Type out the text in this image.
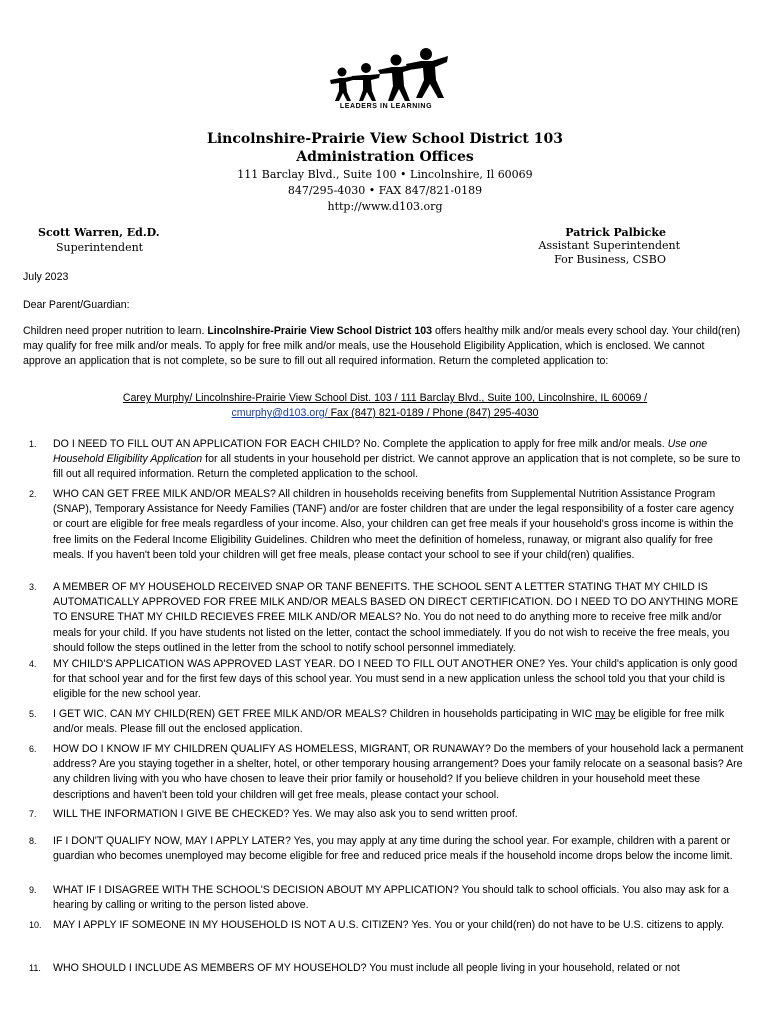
LEADERS IN LEARNING
Lincolnshire-Prairie View School District 103
Administration Offices
111 Barclay Blvd., Suite 100 • Lincolnshire, Il 60069
847/295-4030 • FAX 847/821-0189
http://www.d103.org
Scott Warren, Ed.D.
Superintendent
Patrick Palbicke
Assistant Superintendent
For Business, CSBO
July 2023
Dear Parent/Guardian:
Children need proper nutrition to learn. Lincolnshire-Prairie View School District 103 offers healthy milk and/or meals every school day. Your child(ren) may qualify for free milk and/or meals. To apply for free milk and/or meals, use the Household Eligibility Application, which is enclosed. We cannot approve an application that is not complete, so be sure to fill out all required information. Return the completed application to:
Carey Murphy/ Lincolnshire-Prairie View School Dist. 103 / 111 Barclay Blvd., Suite 100, Lincolnshire, IL 60069 /
cmurphy@d103.org/ Fax (847) 821-0189 / Phone (847) 295-4030
1. DO I NEED TO FILL OUT AN APPLICATION FOR EACH CHILD? No. Complete the application to apply for free milk and/or meals. Use one Household Eligibility Application for all students in your household per district. We cannot approve an application that is not complete, so be sure to fill out all required information. Return the completed application to the school.
2. WHO CAN GET FREE MILK AND/OR MEALS? All children in households receiving benefits from Supplemental Nutrition Assistance Program (SNAP), Temporary Assistance for Needy Families (TANF) and/or are foster children that are under the legal responsibility of a foster care agency or court are eligible for free meals regardless of your income. Also, your children can get free meals if your household's gross income is within the free limits on the Federal Income Eligibility Guidelines. Children who meet the definition of homeless, runaway, or migrant also qualify for free meals. If you haven't been told your children will get free meals, please contact your school to see if your child(ren) qualifies.
3. A MEMBER OF MY HOUSEHOLD RECEIVED SNAP OR TANF BENEFITS. THE SCHOOL SENT A LETTER STATING THAT MY CHILD IS AUTOMATICALLY APPROVED FOR FREE MILK AND/OR MEALS BASED ON DIRECT CERTIFICATION. DO I NEED TO DO ANYTHING MORE TO ENSURE THAT MY CHILD RECIEVES FREE MILK AND/OR MEALS? No. You do not need to do anything more to receive free milk and/or meals for your child. If you have students not listed on the letter, contact the school immediately. If you do not wish to receive the free meals, you should follow the steps outlined in the letter from the school to notify school personnel immediately.
4. MY CHILD'S APPLICATION WAS APPROVED LAST YEAR. DO I NEED TO FILL OUT ANOTHER ONE? Yes. Your child's application is only good for that school year and for the first few days of this school year. You must send in a new application unless the school told you that your child is eligible for the new school year.
5. I GET WIC. CAN MY CHILD(REN) GET FREE MILK AND/OR MEALS? Children in households participating in WIC may be eligible for free milk and/or meals. Please fill out the enclosed application.
6. HOW DO I KNOW IF MY CHILDREN QUALIFY AS HOMELESS, MIGRANT, OR RUNAWAY? Do the members of your household lack a permanent address? Are you staying together in a shelter, hotel, or other temporary housing arrangement? Does your family relocate on a seasonal basis? Are any children living with you who have chosen to leave their prior family or household? If you believe children in your household meet these descriptions and haven't been told your children will get free meals, please contact your school.
7. WILL THE INFORMATION I GIVE BE CHECKED? Yes. We may also ask you to send written proof.
8. IF I DON'T QUALIFY NOW, MAY I APPLY LATER? Yes, you may apply at any time during the school year. For example, children with a parent or guardian who becomes unemployed may become eligible for free and reduced price meals if the household income drops below the income limit.
9. WHAT IF I DISAGREE WITH THE SCHOOL'S DECISION ABOUT MY APPLICATION? You should talk to school officials. You also may ask for a hearing by calling or writing to the person listed above.
10. MAY I APPLY IF SOMEONE IN MY HOUSEHOLD IS NOT A U.S. CITIZEN? Yes. You or your child(ren) do not have to be U.S. citizens to apply.
11. WHO SHOULD I INCLUDE AS MEMBERS OF MY HOUSEHOLD? You must include all people living in your household, related or not
